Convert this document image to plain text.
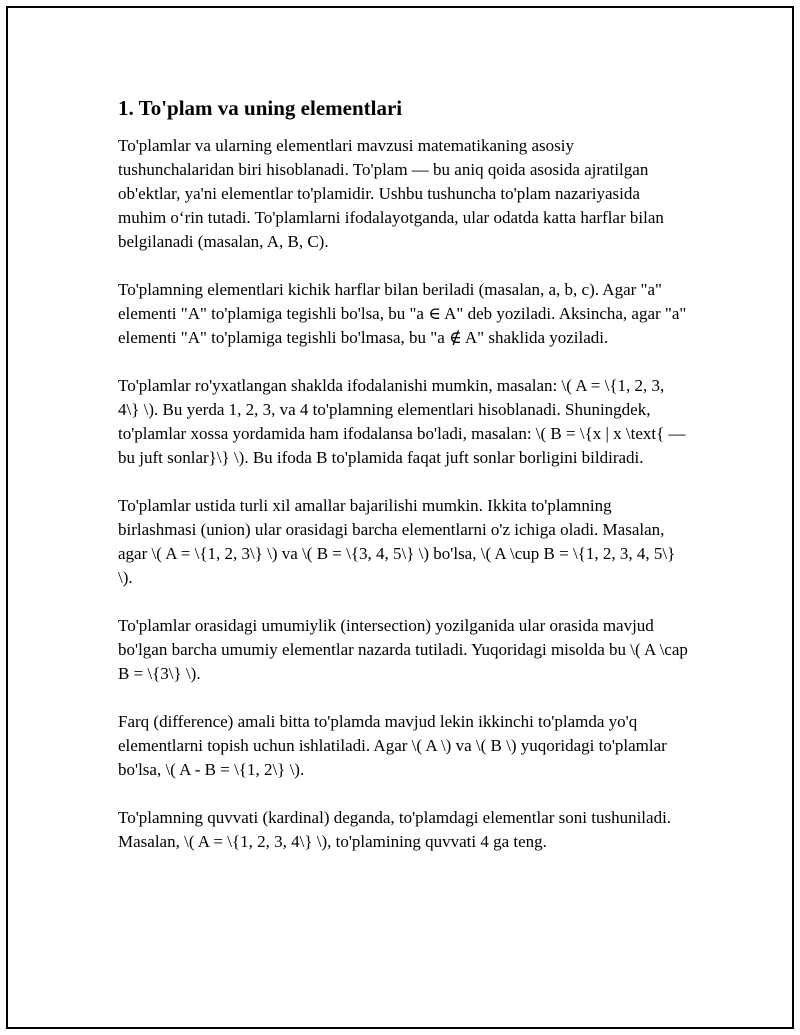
1. To'plam va uning elementlari

To'plamlar va ularning elementlari mavzusi matematikaning asosiy tushunchalaridan biri hisoblanadi. To'plam — bu aniq qoida asosida ajratilgan ob'ektlar, ya'ni elementlar to'plamidir. Ushbu tushuncha to'plam nazariyasida muhim oʻrin tutadi. To'plamlarni ifodalayotganda, ular odatda katta harflar bilan belgilanadi (masalan, A, B, C).

To'plamning elementlari kichik harflar bilan beriladi (masalan, a, b, c). Agar "a" elementi "A" to'plamiga tegishli bo'lsa, bu "a ∈ A" deb yoziladi. Aksincha, agar "a" elementi "A" to'plamiga tegishli bo'lmasa, bu "a ∉ A" shaklida yoziladi.

To'plamlar ro'yxatlangan shaklda ifodalanishi mumkin, masalan: \( A = \{1, 2, 3, 4\} \). Bu yerda 1, 2, 3, va 4 to'plamning elementlari hisoblanadi. Shuningdek, to'plamlar xossa yordamida ham ifodalansa bo'ladi, masalan: \( B = \{x | x \text{ — bu juft sonlar}\} \). Bu ifoda B to'plamida faqat juft sonlar borligini bildiradi.

To'plamlar ustida turli xil amallar bajarilishi mumkin. Ikkita to'plamning birlashmasi (union) ular orasidagi barcha elementlarni o'z ichiga oladi. Masalan, agar \( A = \{1, 2, 3\} \) va \( B = \{3, 4, 5\} \) bo'lsa, \( A \cup B = \{1, 2, 3, 4, 5\} \).

To'plamlar orasidagi umumiylik (intersection) yozilganida ular orasida mavjud bo'lgan barcha umumiy elementlar nazarda tutiladi. Yuqoridagi misolda bu \( A \cap B = \{3\} \).

Farq (difference) amali bitta to'plamda mavjud lekin ikkinchi to'plamda yo'q elementlarni topish uchun ishlatiladi. Agar \( A \) va \( B \) yuqoridagi to'plamlar bo'lsa, \( A - B = \{1, 2\} \).

To'plamning quvvati (kardinal) deganda, to'plamdagi elementlar soni tushuniladi. Masalan, \( A = \{1, 2, 3, 4\} \), to'plamining quvvati 4 ga teng.
